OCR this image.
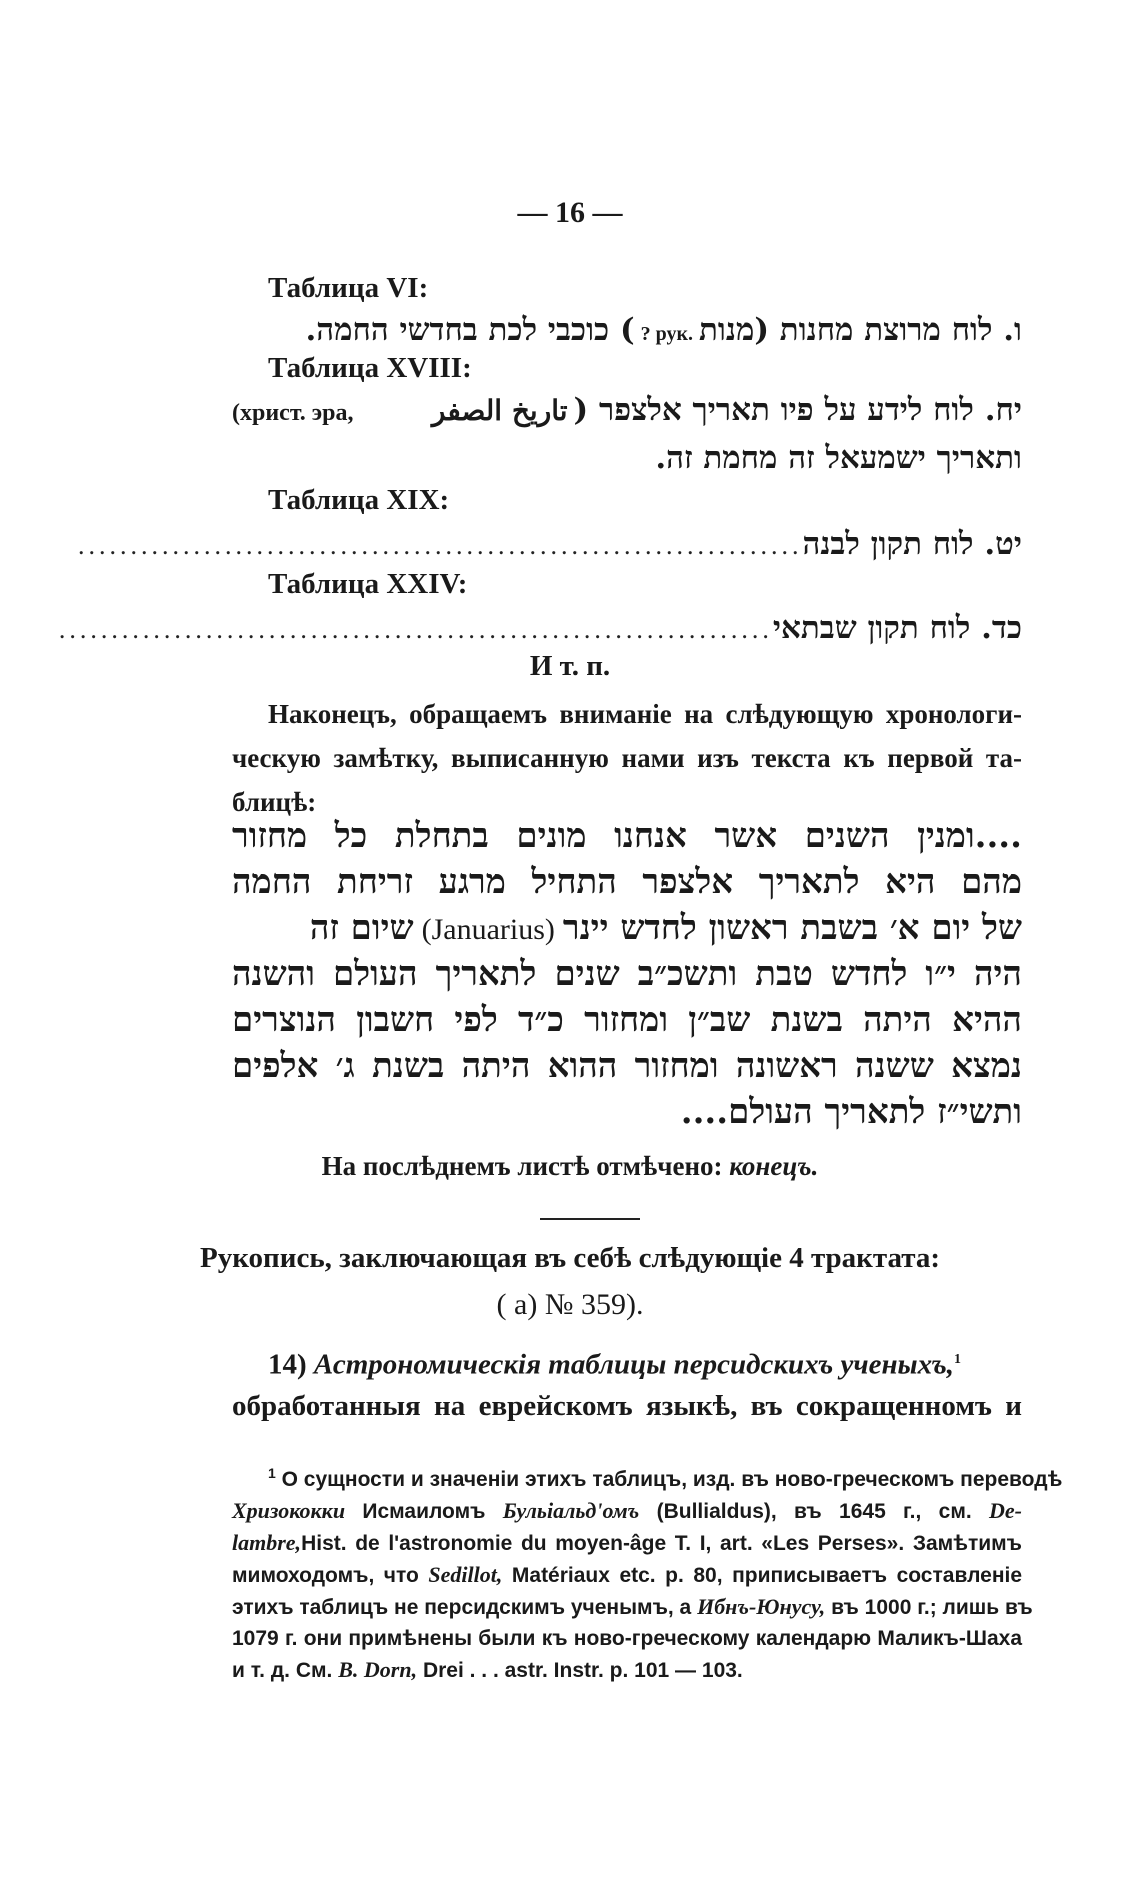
— 16 —
Таблица VI:
ו. לוח מרוצת מחנות (מנות
? рук.
) כוכבי לכת בחדשי החמה.
Таблица XVIII:
יח. לוח לידע על פיו תאריך אלצפר (
تاريخ الصفر
(христ. эра,
ותאריך ישמעאל זה מחמת זה.
Таблица XIX:
יט. לוח תקון לבנה
.....................................................................
Таблица XXIV:
כד. לוח תקון שבתאי
....................................................................
И т. п.
Наконецъ, обращаемъ вниманіе на слѣдующую хронологи-
ческую замѣтку, выписанную нами изъ текста къ первой та-
блицѣ:
....ומנין השנים אשר אנחנו מונים בתחלת כל מחזור
מהם היא לתאריך אלצפר התחיל מרגע זריחת החמה
של יום א׳ בשבת ראשון לחדש יינר
(Januarius)
שיום זה
היה י״ו לחדש טבת ותשכ״ב שנים לתאריך העולם והשנה
ההיא היתה בשנת שב״ן ומחזור כ״ד לפי חשבון הנוצרים
נמצא ששנה ראשונה ומחזור ההוא היתה בשנת ג׳ אלפים
ותשי״ז לתאריך העולם....
На послѣднемъ листѣ отмѣчено: конецъ.
Рукопись, заключающая въ себѣ слѣдующіе 4 трактата:
( а) № 359).
14) Астрономическія таблицы персидскихъ ученыхъ,$^1$
обработанныя на еврейскомъ языкѣ, въ сокращенномъ и
$^1$ О сущности и значеніи этихъ таблицъ, изд. въ ново-греческомъ переводѣ
Хризококки Исмаиломъ Бульіальд'омъ (Bullialdus), въ 1645 г., см. De-
lambre,Hist. de l'astronomie du moyen-âge T. I, art. «Les Perses». Замѣтимъ
мимоходомъ, что Sedillot, Matériaux etc. p. 80, приписываетъ составленіе
этихъ таблицъ не персидскимъ ученымъ, а Ибнъ-Юнусу, въ 1000 г.; лишь въ
1079 г. они примѣнены были къ ново-греческому календарю Маликъ-Шаха
и т. д. См. B. Dorn, Drei . . . astr. Instr. p. 101 — 103.
